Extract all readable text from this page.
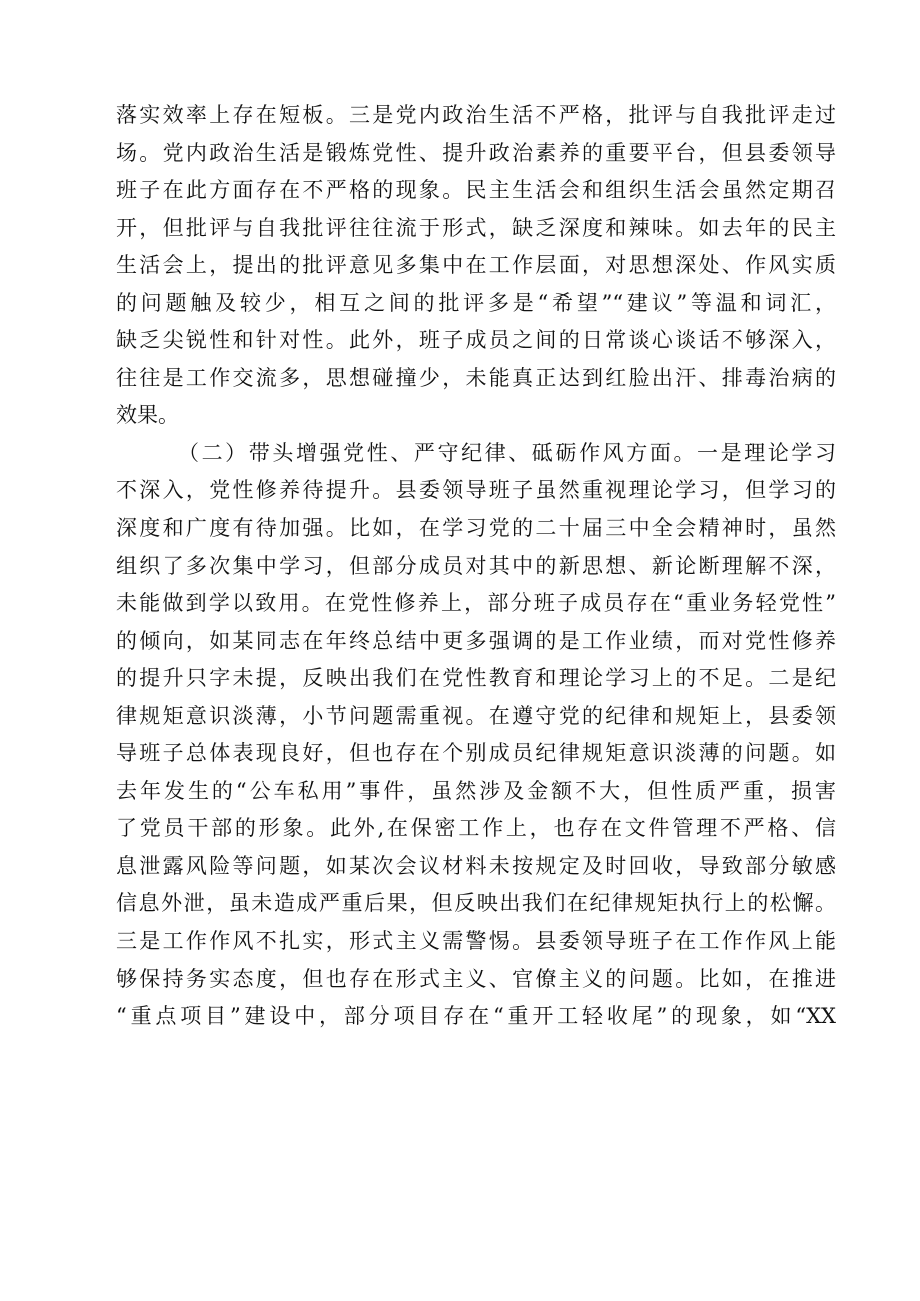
落实效率上存在短板。三是党内政治生活不严格，批评与自我批评走过
场。党内政治生活是锻炼党性、提升政治素养的重要平台，但县委领导
班子在此方面存在不严格的现象。民主生活会和组织生活会虽然定期召
开，但批评与自我批评往往流于形式，缺乏深度和辣味。如去年的民主
生活会上，提出的批评意见多集中在工作层面，对思想深处、作风实质
的问题触及较少，相互之间的批评多是“希望”“建议”等温和词汇，
缺乏尖锐性和针对性。此外，班子成员之间的日常谈心谈话不够深入，
往往是工作交流多，思想碰撞少，未能真正达到红脸出汗、排毒治病的
效果。
（二）带头增强党性、严守纪律、砥砺作风方面。一是理论学习
不深入，党性修养待提升。县委领导班子虽然重视理论学习，但学习的
深度和广度有待加强。比如，在学习党的二十届三中全会精神时，虽然
组织了多次集中学习，但部分成员对其中的新思想、新论断理解不深，
未能做到学以致用。在党性修养上，部分班子成员存在“重业务轻党性”
的倾向，如某同志在年终总结中更多强调的是工作业绩，而对党性修养
的提升只字未提，反映出我们在党性教育和理论学习上的不足。二是纪
律规矩意识淡薄，小节问题需重视。在遵守党的纪律和规矩上，县委领
导班子总体表现良好，但也存在个别成员纪律规矩意识淡薄的问题。如
去年发生的“公车私用”事件，虽然涉及金额不大，但性质严重，损害
了党员干部的形象。此外,在保密工作上，也存在文件管理不严格、信
息泄露风险等问题，如某次会议材料未按规定及时回收，导致部分敏感
信息外泄，虽未造成严重后果，但反映出我们在纪律规矩执行上的松懈。
三是工作作风不扎实，形式主义需警惕。县委领导班子在工作作风上能
够保持务实态度，但也存在形式主义、官僚主义的问题。比如，在推进
“重点项目”建设中，部分项目存在“重开工轻收尾”的现象，如“XX
